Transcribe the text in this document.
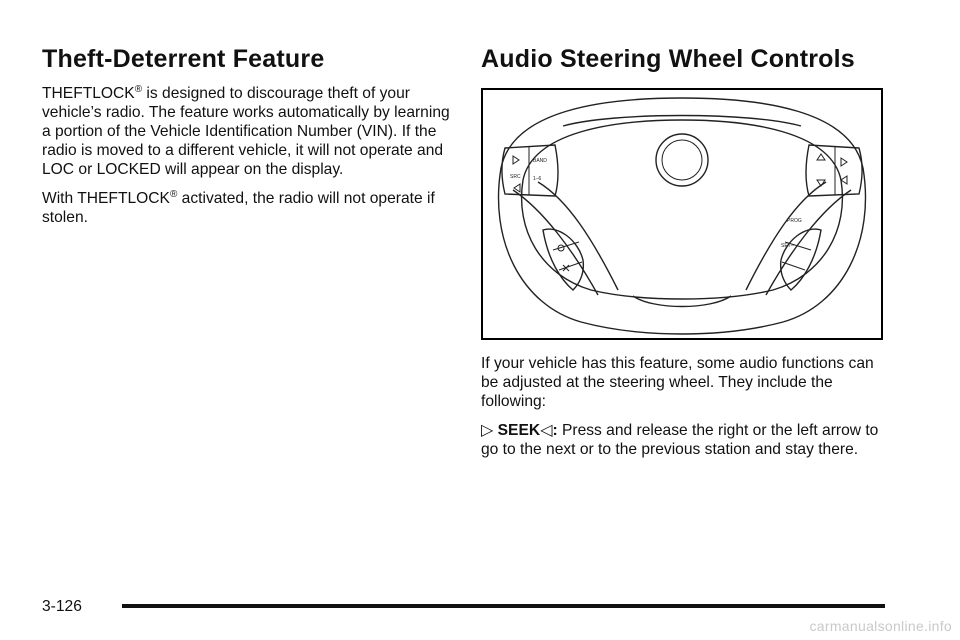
Theft-Deterrent Feature

THEFTLOCK® is designed to discourage theft of your vehicle’s radio. The feature works automatically by learning a portion of the Vehicle Identification Number (VIN). If the radio is moved to a different vehicle, it will not operate and LOC or LOCKED will appear on the display.

With THEFTLOCK® activated, the radio will not operate if stolen.

Audio Steering Wheel Controls
BAND
SRC 1–6
PROG
SET–

If your vehicle has this feature, some audio functions can be adjusted at the steering wheel. They include the following:

▷ SEEK◁: Press and release the right or the left arrow to go to the next or to the previous station and stay there.

3-126
carmanualsonline.info
